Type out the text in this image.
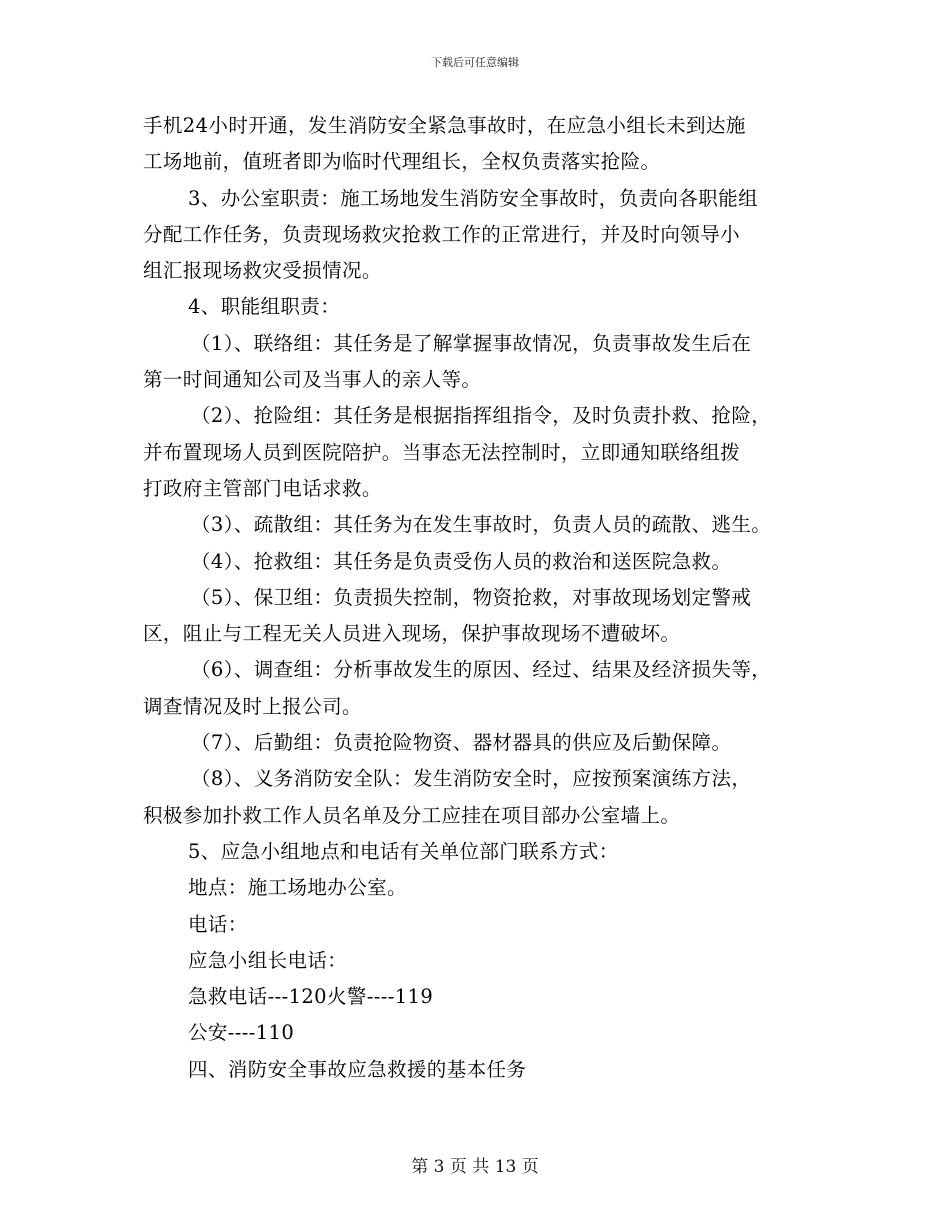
下载后可任意编辑
手机24小时开通，发生消防安全紧急事故时，在应急小组长未到达施
工场地前，值班者即为临时代理组长，全权负责落实抢险。
3、办公室职责：施工场地发生消防安全事故时，负责向各职能组
分配工作任务，负责现场救灾抢救工作的正常进行，并及时向领导小
组汇报现场救灾受损情况。
4、职能组职责：
（1）、联络组：其任务是了解掌握事故情况，负责事故发生后在
第一时间通知公司及当事人的亲人等。
（2）、抢险组：其任务是根据指挥组指令，及时负责扑救、抢险，
并布置现场人员到医院陪护。当事态无法控制时，立即通知联络组拨
打政府主管部门电话求救。
（3）、疏散组：其任务为在发生事故时，负责人员的疏散、逃生。
（4）、抢救组：其任务是负责受伤人员的救治和送医院急救。
（5）、保卫组：负责损失控制，物资抢救，对事故现场划定警戒
区，阻止与工程无关人员进入现场，保护事故现场不遭破坏。
（6）、调查组：分析事故发生的原因、经过、结果及经济损失等，
调查情况及时上报公司。
（7）、后勤组：负责抢险物资、器材器具的供应及后勤保障。
（8）、义务消防安全队：发生消防安全时，应按预案演练方法，
积极参加扑救工作人员名单及分工应挂在项目部办公室墙上。
5、应急小组地点和电话有关单位部门联系方式：
地点：施工场地办公室。
电话：
应急小组长电话：
急救电话---120火警----119
公安----110
四、消防安全事故应急救援的基本任务
第 3 页 共 13 页
